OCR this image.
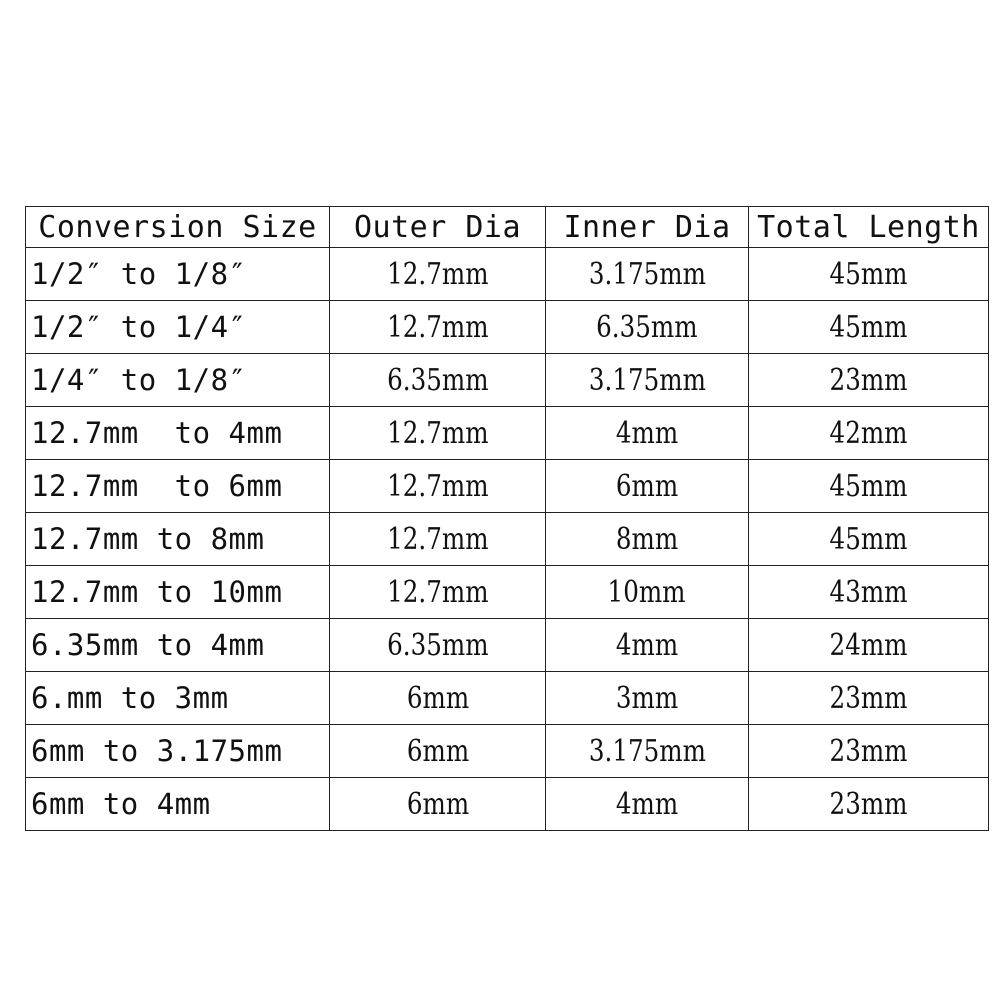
Conversion Size	Outer Dia	Inner Dia	Total Length
1/2″ to 1/8″	12.7mm	3.175mm	45mm
1/2″ to 1/4″	12.7mm	6.35mm	45mm
1/4″ to 1/8″	6.35mm	3.175mm	23mm
12.7mm  to 4mm	12.7mm	4mm	42mm
12.7mm  to 6mm	12.7mm	6mm	45mm
12.7mm to 8mm	12.7mm	8mm	45mm
12.7mm to 10mm	12.7mm	10mm	43mm
6.35mm to 4mm	6.35mm	4mm	24mm
6.mm to 3mm	6mm	3mm	23mm
6mm to 3.175mm	6mm	3.175mm	23mm
6mm to 4mm	6mm	4mm	23mm
